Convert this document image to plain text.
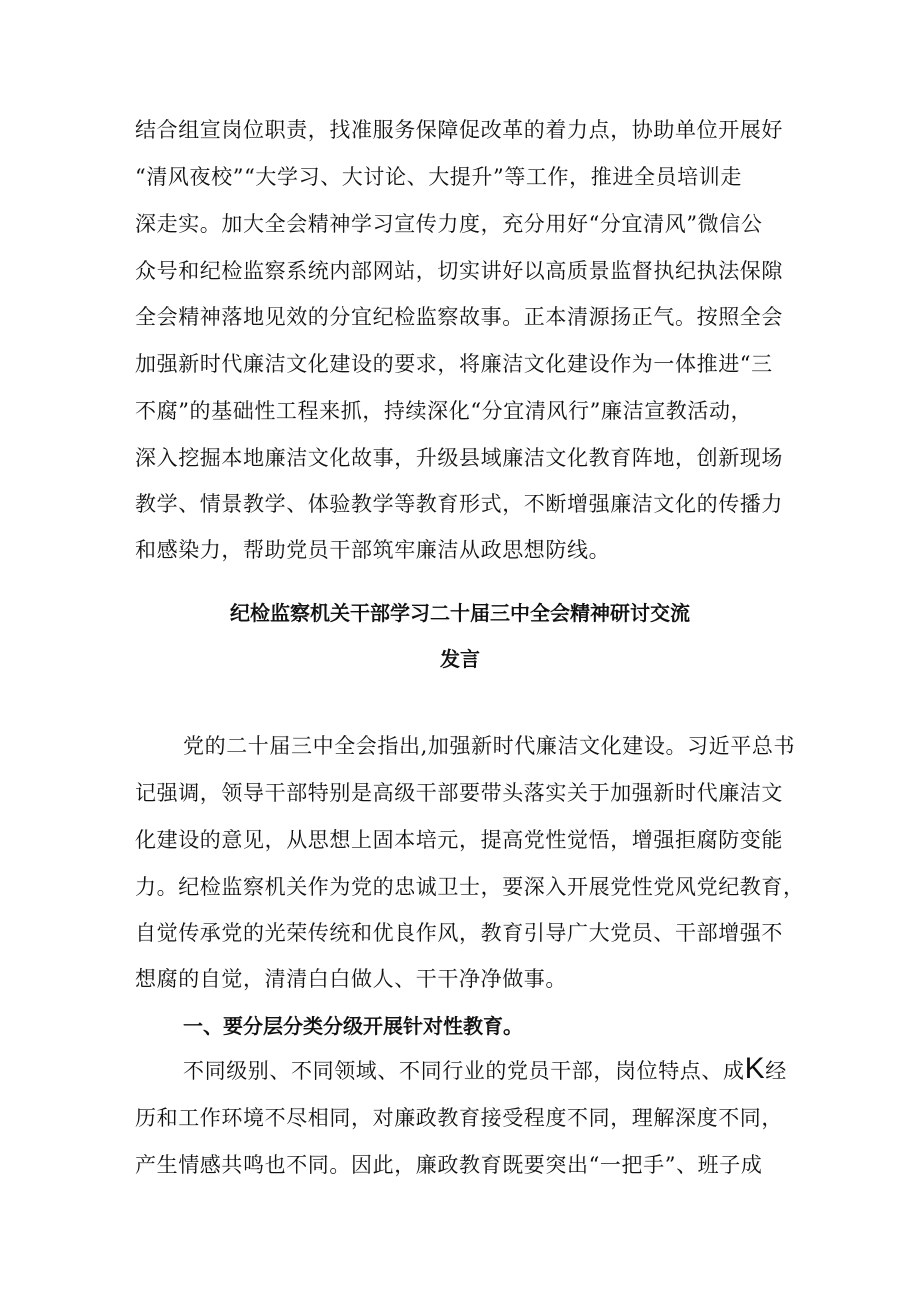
结合组宣岗位职责，找准服务保障促改革的着力点，协助单位开展好
“清风夜校”“大学习、大讨论、大提升”等工作，推进全员培训走
深走实。加大全会精神学习宣传力度，充分用好“分宜清风”微信公
众号和纪检监察系统内部网站，切实讲好以高质景监督执纪执法保隙
全会精神落地见效的分宜纪检监察故事。正本清源扬正气。按照全会
加强新时代廉洁文化建设的要求，将廉洁文化建设作为一体推进“三
不腐”的基础性工程来抓，持续深化“分宜清风行”廉洁宣教活动，
深入挖掘本地廉洁文化故事，升级县域廉洁文化教育阵地，创新现场
教学、情景教学、体验教学等教育形式，不断增强廉洁文化的传播力
和感染力，帮助党员干部筑牢廉洁从政思想防线。
纪检监察机关干部学习二十届三中全会精神研讨交流
发言
党的二十届三中全会指出,加强新时代廉洁文化建设。习近平总书
记强调，领导干部特别是高级干部要带头落实关于加强新时代廉洁文
化建设的意见，从思想上固本培元，提高党性觉悟，增强拒腐防变能
力。纪检监察机关作为党的忠诚卫士，要深入开展党性党风党纪教育，
自觉传承党的光荣传统和优良作风，教育引导广大党员、干部增强不
想腐的自觉，清清白白做人、干干净净做事。
一、要分层分类分级开展针对性教育。
不同级别、不同领域、不同行业的党员干部，岗位特点、成K经
历和工作环境不尽相同，对廉政教育接受程度不同，理解深度不同，
产生情感共鸣也不同。因此，廉政教育既要突出“一把手”、班子成
